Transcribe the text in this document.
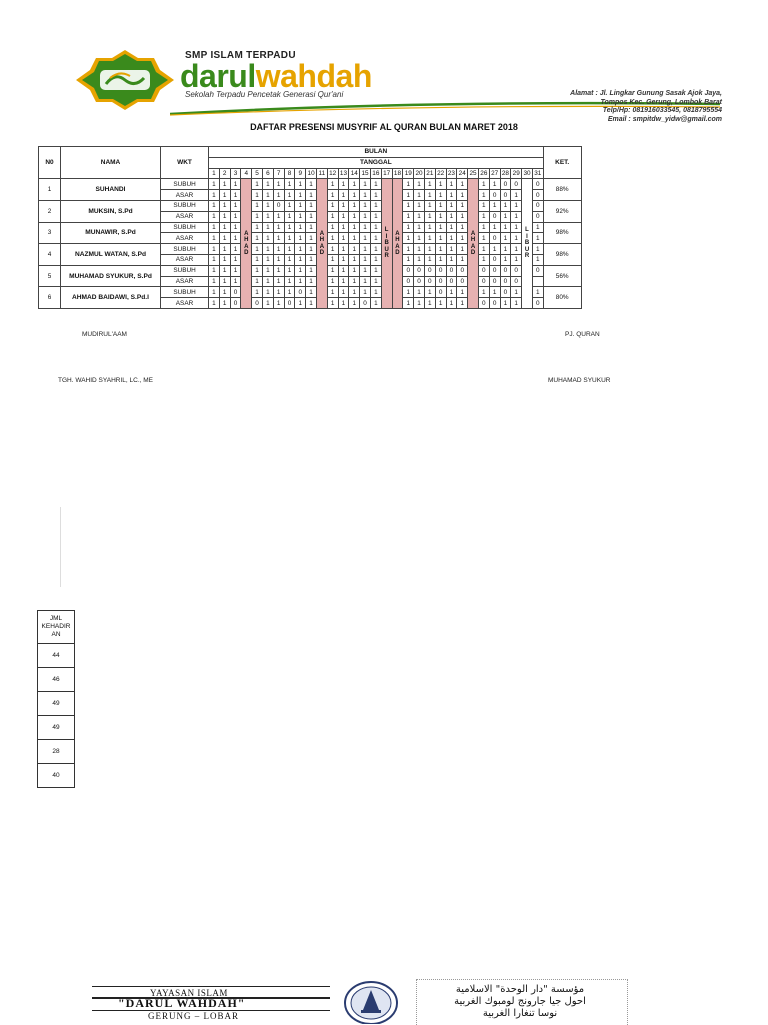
SMP ISLAM TERPADU
darulwahdah
Sekolah Terpadu Pencetak Generasi Qur'ani	Alamat : Jl. Lingkar Gunung Sasak Ajok Jaya,
Tompos Kec. Gerung, Lombok Barat
Telp/Hp: 081916033545, 0818795554
Email : smpitdw_yidw@gmail.com
DAFTAR PRESENSI MUSYRIF AL QURAN BULAN MARET 2018
N0	NAMA	WKT	BULAN																															KET.
			TANGGAL																															
			1	2	3	4	5	6	7	8	9	10	11	12	13	14	15	16	17	18	19	20	21	22	23	24	25	26	27	28	29	30	31	
1	SUHANDI	SUBUH	1	1	1	A H A D	1	1	1	1	1	1	A H A D	1	1	1	1	1	L I B U R	A H A D	1	1	1	1	1	1	A H A D	1	1	0	0	L I B U R	0	88%
		ASAR	1	1	1		1	1	1	1	1	1		1	1	1	1	1			1	1	1	1	1	1		1	0	0	1		0	
2	MUKSIN, S.Pd	SUBUH	1	1	1		1	1	0	1	1	1		1	1	1	1	1			1	1	1	1	1	1		1	1	1	1		0	92%
		ASAR	1	1	1		1	1	1	1	1	1		1	1	1	1	1			1	1	1	1	1	1		1	0	1	1		0	
3	MUNAWIR, S.Pd	SUBUH	1	1	1		1	1	1	1	1	1		1	1	1	1	1			1	1	1	1	1	1		1	1	1	1		1	98%
		ASAR	1	1	1		1	1	1	1	1	1		1	1	1	1	1			1	1	1	1	1	1		1	0	1	1		1	
4	NAZMUL WATAN, S.Pd	SUBUH	1	1	1		1	1	1	1	1	1		1	1	1	1	1			1	1	1	1	1	1		1	1	1	1		1	98%
		ASAR	1	1	1		1	1	1	1	1	1		1	1	1	1	1			1	1	1	1	1	1		1	0	1	1		1	
5	MUHAMAD SYUKUR, S.Pd	SUBUH	1	1	1		1	1	1	1	1	1		1	1	1	1	1			0	0	0	0	0	0		0	0	0	0		0	56%
		ASAR	1	1	1		1	1	1	1	1	1		1	1	1	1	1			0	0	0	0	0	0		0	0	0	0			
6	AHMAD BAIDAWI, S.Pd.I	SUBUH	1	1	0		1	1	1	1	0	1		1	1	1	1	1			1	1	1	0	1	1		1	1	0	1		1	80%
		ASAR	1	1	0		0	1	1	0	1	1		1	1	1	0	1			1	1	1	1	1	1		0	0	1	1		0	
MUDIRUL'AAM	PJ. QURAN
TGH. WAHID SYAHRIL, LC., ME	MUHAMAD SYUKUR
JML KEHADIR AN
44
46
49
49
28
40
YAYASAN ISLAM
"DARUL WAHDAH"
GERUNG – LOBAR
مؤسسة "دار الوحدة" الاسلامية
احول جيا جارونج لومبوك الغربية
نوسا تنغارا الغربية
